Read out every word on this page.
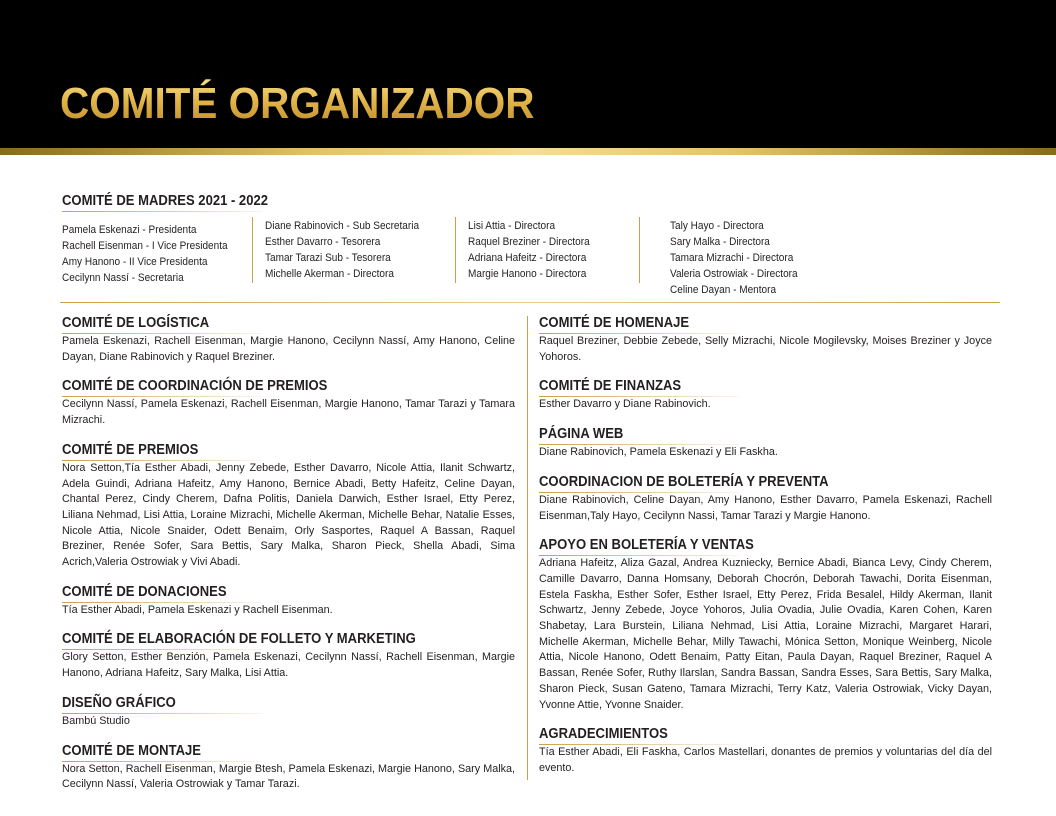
COMITÉ ORGANIZADOR
COMITÉ DE MADRES 2021 - 2022
Pamela Eskenazi - Presidenta
Rachell Eisenman - I Vice Presidenta
Amy Hanono - II Vice Presidenta
Cecilynn Nassí - Secretaria
Diane Rabinovich - Sub Secretaria
Esther Davarro - Tesorera
Tamar Tarazi Sub - Tesorera
Michelle Akerman - Directora
Lisi Attia - Directora
Raquel Breziner - Directora
Adriana Hafeitz - Directora
Margie Hanono - Directora
Taly Hayo - Directora
Sary Malka - Directora
Tamara Mizrachi - Directora
Valeria Ostrowiak - Directora
Celine Dayan - Mentora
COMITÉ DE LOGÍSTICA
Pamela Eskenazi, Rachell Eisenman, Margie Hanono, Cecilynn Nassí, Amy Hanono, Celine Dayan, Diane Rabinovich y Raquel Breziner.
COMITÉ DE COORDINACIÓN DE PREMIOS
Cecilynn Nassí, Pamela Eskenazi, Rachell Eisenman, Margie Hanono, Tamar Tarazi y Tamara Mizrachi.
COMITÉ DE PREMIOS
Nora Setton,Tía Esther Abadi, Jenny Zebede, Esther Davarro, Nicole Attia, Ilanit Schwartz, Adela Guindi, Adriana Hafeitz, Amy Hanono, Bernice Abadi, Betty Hafeitz, Celine Dayan, Chantal Perez, Cindy Cherem, Dafna Politis, Daniela Darwich, Esther Israel, Etty Perez, Liliana Nehmad, Lisi Attia, Loraine Mizrachi, Michelle Akerman, Michelle Behar, Natalie Esses, Nicole Attia, Nicole Snaider, Odett Benaim, Orly Sasportes, Raquel A Bassan, Raquel Breziner, Renée Sofer, Sara Bettis, Sary Malka, Sharon Pieck, Shella Abadi, Sima Acrich,Valeria Ostrowiak y Vivi Abadi.
COMITÉ DE DONACIONES
Tía Esther Abadi, Pamela Eskenazi y Rachell Eisenman.
COMITÉ DE ELABORACIÓN DE FOLLETO Y MARKETING
Glory Setton, Esther Benzión, Pamela Eskenazi, Cecilynn Nassí, Rachell Eisenman, Margie Hanono, Adriana Hafeitz, Sary Malka, Lisi Attia.
DISEÑO GRÁFICO
Bambú Studio
COMITÉ DE MONTAJE
Nora Setton, Rachell Eisenman, Margie Btesh, Pamela Eskenazi, Margie Hanono, Sary Malka, Cecilynn Nassí, Valeria Ostrowiak y Tamar Tarazi.
COMITÉ DE HOMENAJE
Raquel Breziner, Debbie Zebede, Selly Mizrachi, Nicole Mogilevsky, Moises Breziner y Joyce Yohoros.
COMITÉ DE FINANZAS
Esther Davarro y Diane Rabinovich.
PÁGINA WEB
Diane Rabinovich, Pamela Eskenazi y Eli Faskha.
COORDINACION DE BOLETERÍA Y PREVENTA
Diane Rabinovich, Celine Dayan, Amy Hanono, Esther Davarro, Pamela Eskenazi, Rachell Eisenman,Taly Hayo, Cecilynn Nassi, Tamar Tarazi y Margie Hanono.
APOYO EN BOLETERÍA Y VENTAS
Adriana Hafeitz, Aliza Gazal, Andrea Kuzniecky, Bernice Abadi, Bianca Levy, Cindy Cherem, Camille Davarro, Danna Homsany, Deborah Chocrón, Deborah Tawachi, Dorita Eisenman, Estela Faskha, Esther Sofer, Esther Israel, Etty Perez, Frida Besalel, Hildy Akerman, Ilanit Schwartz, Jenny Zebede, Joyce Yohoros, Julia Ovadia, Julie Ovadia, Karen Cohen, Karen Shabetay, Lara Burstein, Liliana Nehmad, Lisi Attia, Loraine Mizrachi, Margaret Harari, Michelle Akerman, Michelle Behar, Milly Tawachi, Mónica Setton, Monique Weinberg, Nicole Attia, Nicole Hanono, Odett Benaim, Patty Eitan, Paula Dayan, Raquel Breziner, Raquel A Bassan, Renée Sofer, Ruthy Ilarslan, Sandra Bassan, Sandra Esses, Sara Bettis, Sary Malka, Sharon Pieck, Susan Gateno, Tamara Mizrachi, Terry Katz, Valeria Ostrowiak, Vicky Dayan, Yvonne Attie, Yvonne Snaider.
AGRADECIMIENTOS
Tía Esther Abadi, Eli Faskha, Carlos Mastellari, donantes de premios y voluntarias del día del evento.
